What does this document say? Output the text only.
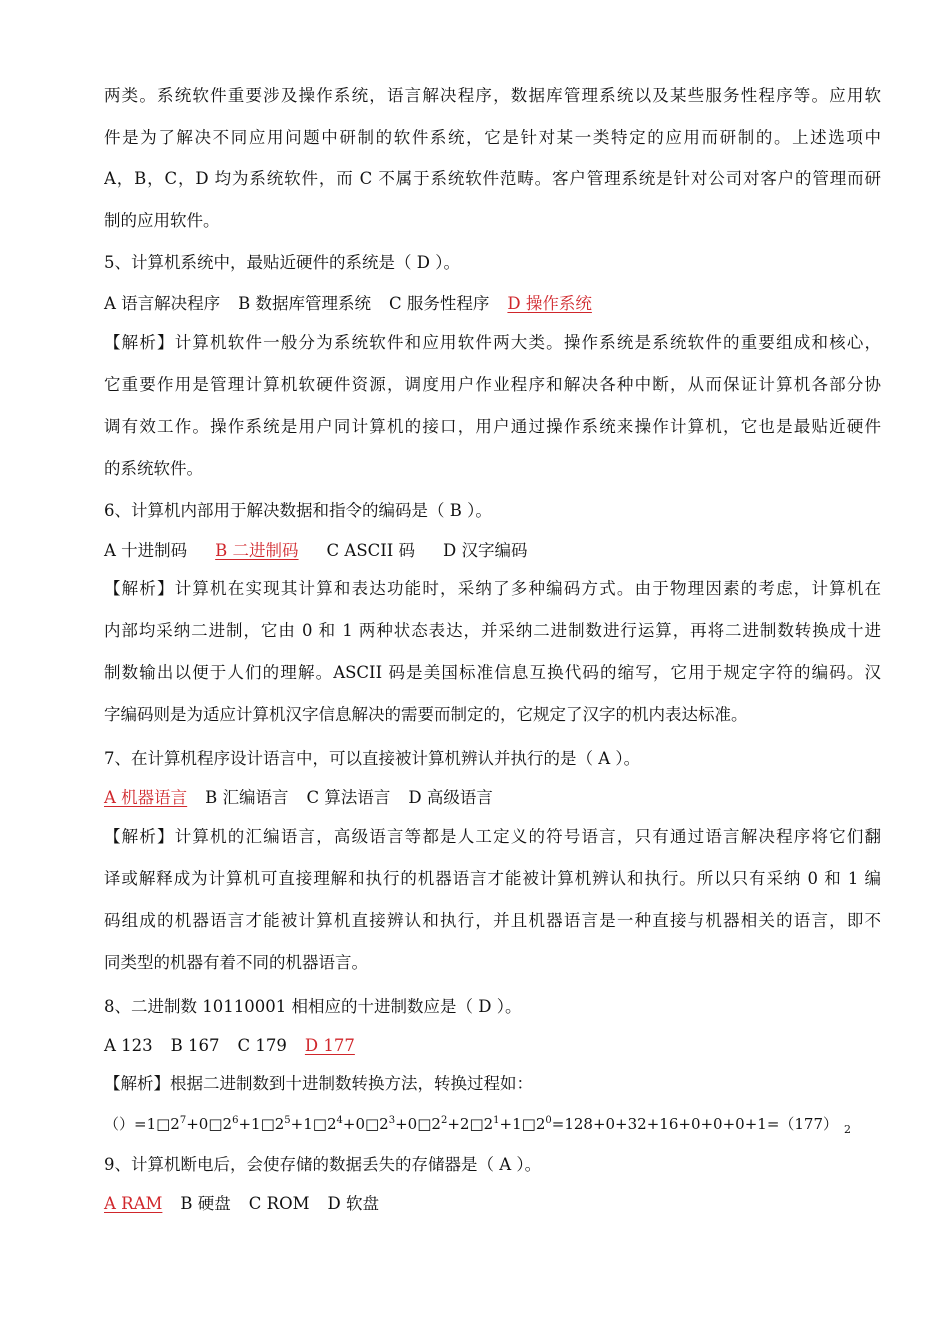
两类。系统软件重要涉及操作系统，语言解决程序，数据库管理系统以及某些服务性程序等。应用软
件是为了解决不同应用问题中研制的软件系统，它是针对某一类特定的应用而研制的。上述选项中
A，B，C，D 均为系统软件，而 C 不属于系统软件范畴。客户管理系统是针对公司对客户的管理而研
制的应用软件。
5、计算机系统中，最贴近硬件的系统是（ D ）。
A 语言解决程序 B 数据库管理系统 C 服务性程序 D 操作系统
【解析】计算机软件一般分为系统软件和应用软件两大类。操作系统是系统软件的重要组成和核心，
它重要作用是管理计算机软硬件资源，调度用户作业程序和解决各种中断，从而保证计算机各部分协
调有效工作。操作系统是用户同计算机的接口，用户通过操作系统来操作计算机，它也是最贴近硬件
的系统软件。
6、计算机内部用于解决数据和指令的编码是（ B ）。
A 十进制码 B 二进制码 C ASCII 码 D 汉字编码
【解析】计算机在实现其计算和表达功能时，采纳了多种编码方式。由于物理因素的考虑，计算机在
内部均采纳二进制，它由 0 和 1 两种状态表达，并采纳二进制数进行运算，再将二进制数转换成十进
制数输出以便于人们的理解。ASCII 码是美国标准信息互换代码的缩写，它用于规定字符的编码。汉
字编码则是为适应计算机汉字信息解决的需要而制定的，它规定了汉字的机内表达标准。
7、在计算机程序设计语言中，可以直接被计算机辨认并执行的是（ A ）。
A 机器语言 B 汇编语言 C 算法语言 D 高级语言
【解析】计算机的汇编语言，高级语言等都是人工定义的符号语言，只有通过语言解决程序将它们翻
译或解释成为计算机可直接理解和执行的机器语言才能被计算机辨认和执行。所以只有采纳 0 和 1 编
码组成的机器语言才能被计算机直接辨认和执行，并且机器语言是一种直接与机器相关的语言，即不
同类型的机器有着不同的机器语言。
8、二进制数 10110001 相相应的十进制数应是（ D ）。
A 123 B 167 C 179 D 177
【解析】根据二进制数到十进制数转换方法，转换过程如：
$()=1□2^7+0□2^6+1□2^5+1□2^4+0□2^3+0□2^2+2□2^1+1□2^0=128+0+32+16+0+0+0+1=(177)$ $_2$
9、计算机断电后，会使存储的数据丢失的存储器是（ A ）。
A RAM B 硬盘 C ROM D 软盘
